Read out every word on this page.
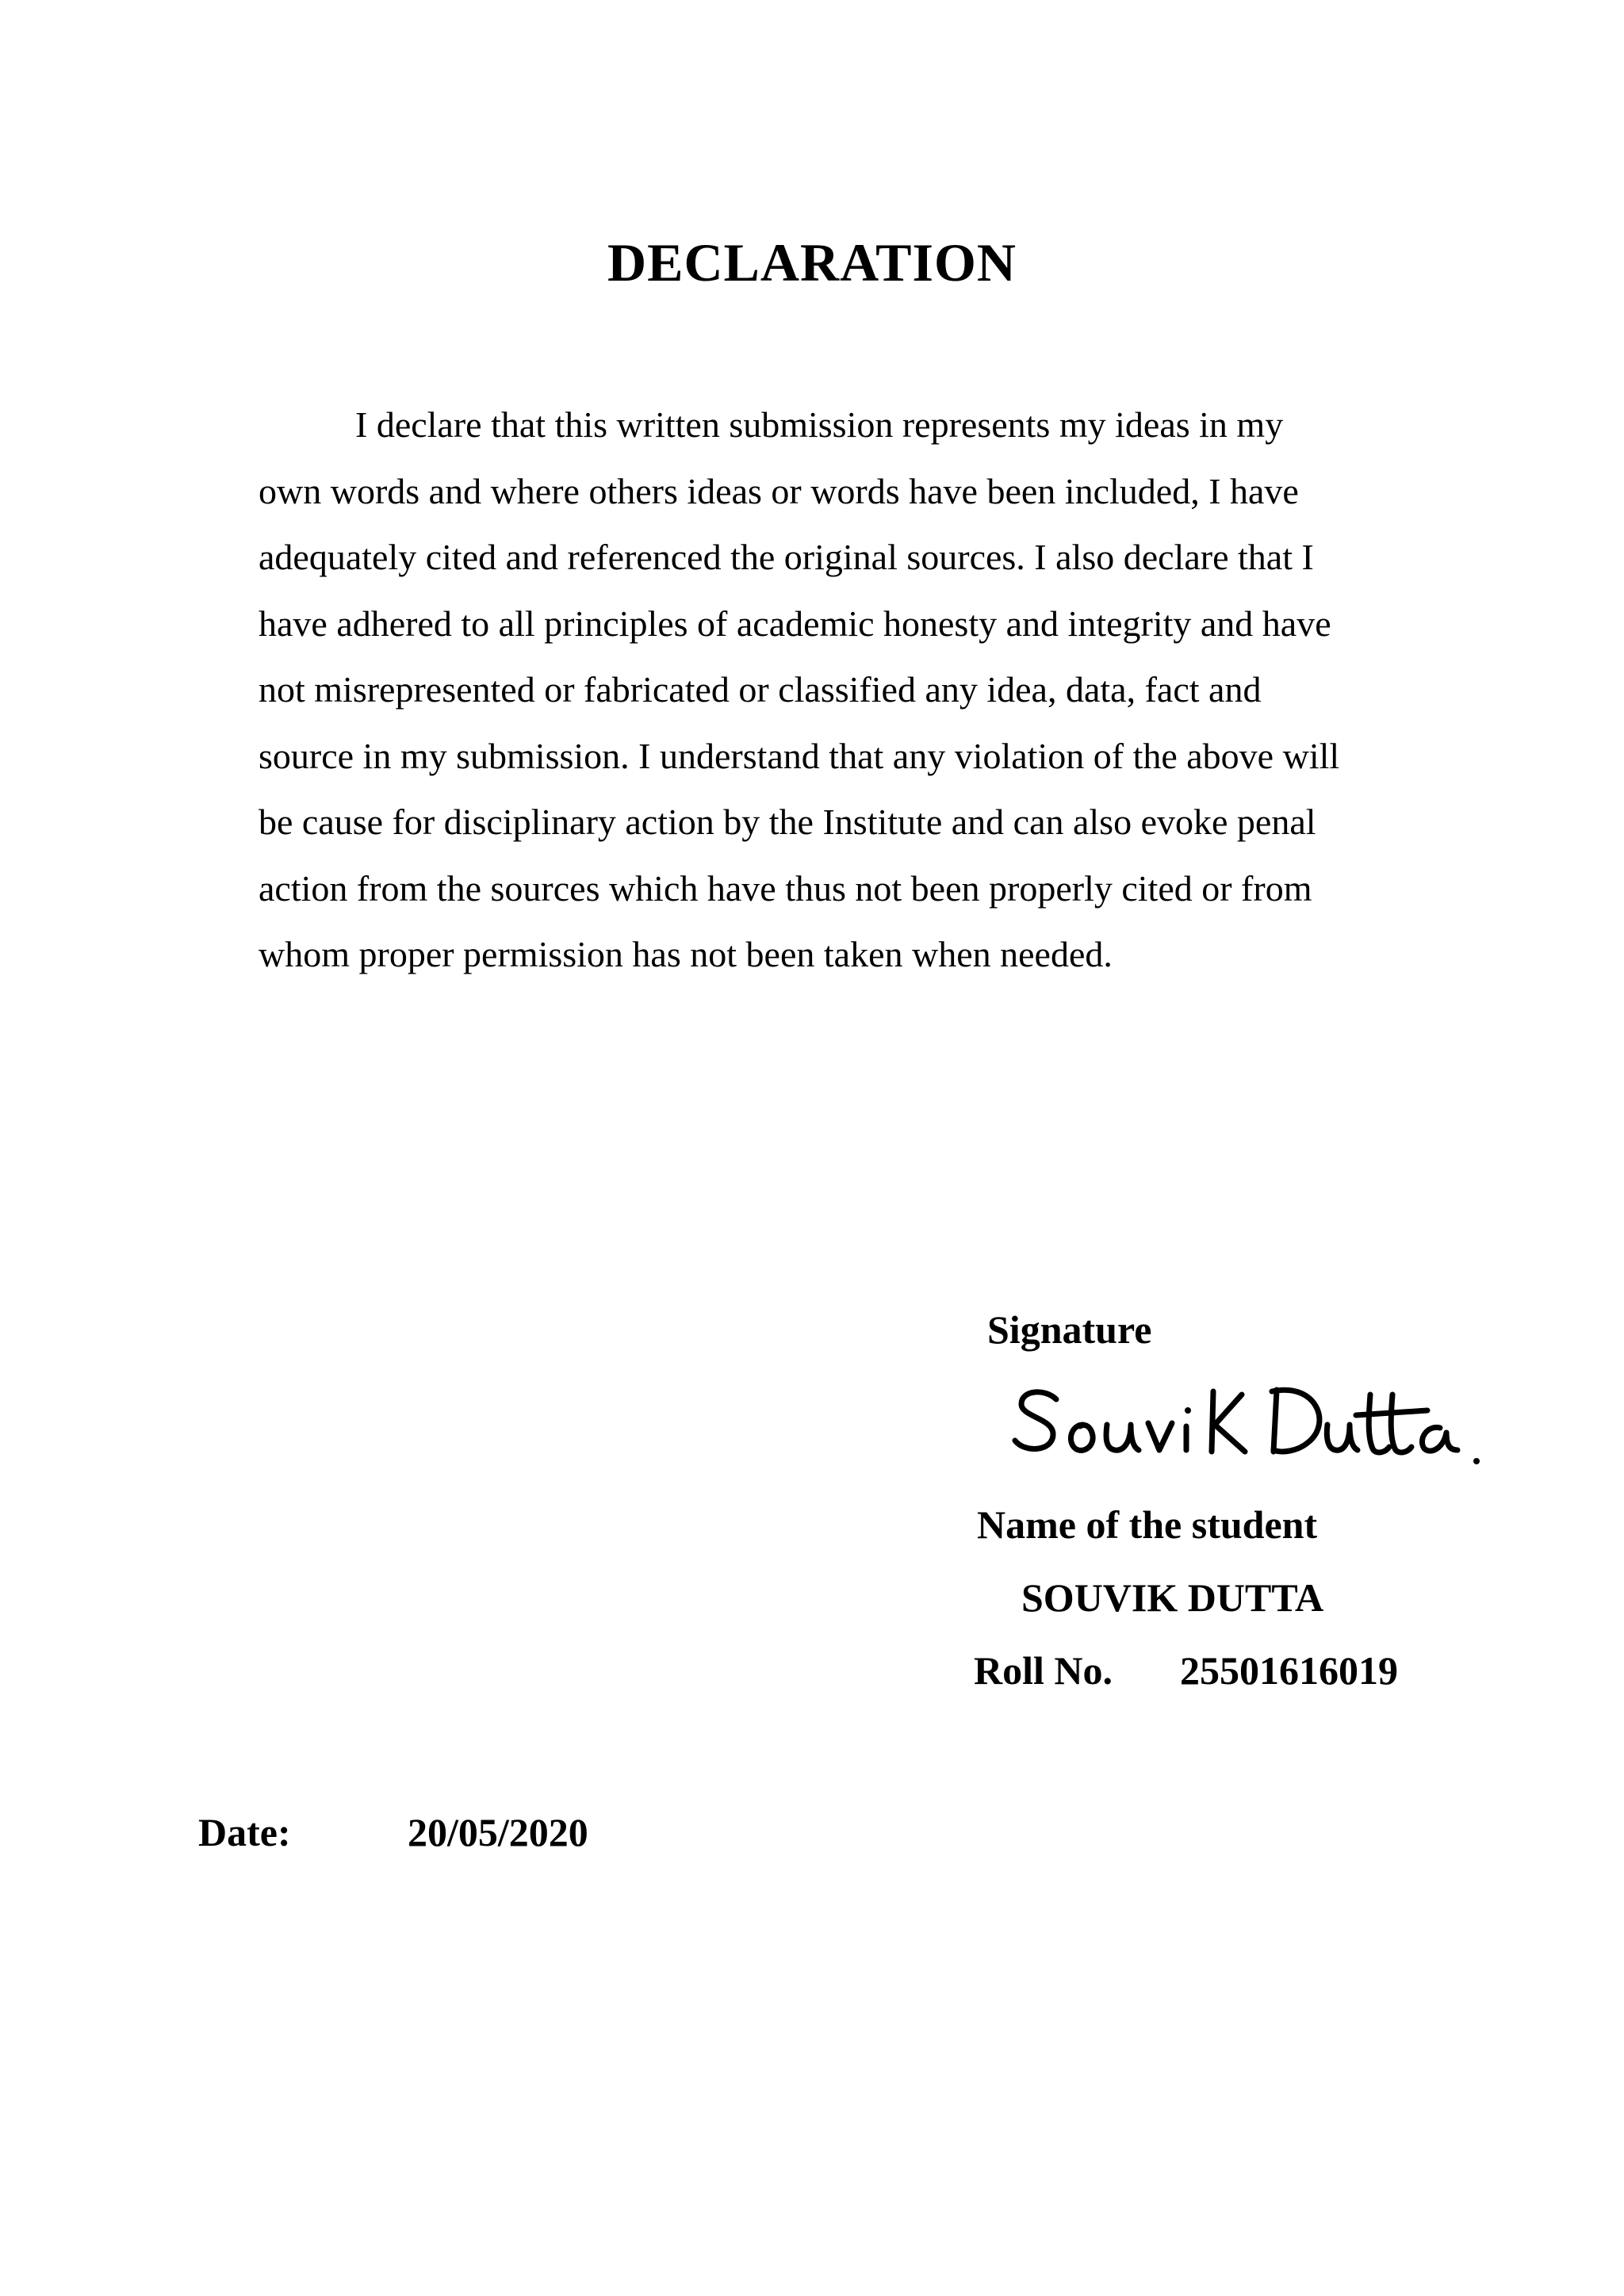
DECLARATION

I declare that this written submission represents my ideas in my
own words and where others ideas or words have been included, I have
adequately cited and referenced the original sources. I also declare that I
have adhered to all principles of academic honesty and integrity and have
not misrepresented or fabricated or classified any idea, data, fact and
source in my submission. I understand that any violation of the above will
be cause for disciplinary action by the Institute and can also evoke penal
action from the sources which have thus not been properly cited or from
whom proper permission has not been taken when needed.

Signature
Name of the student
SOUVIK DUTTA
Roll No. 25501616019
Date:	20/05/2020
